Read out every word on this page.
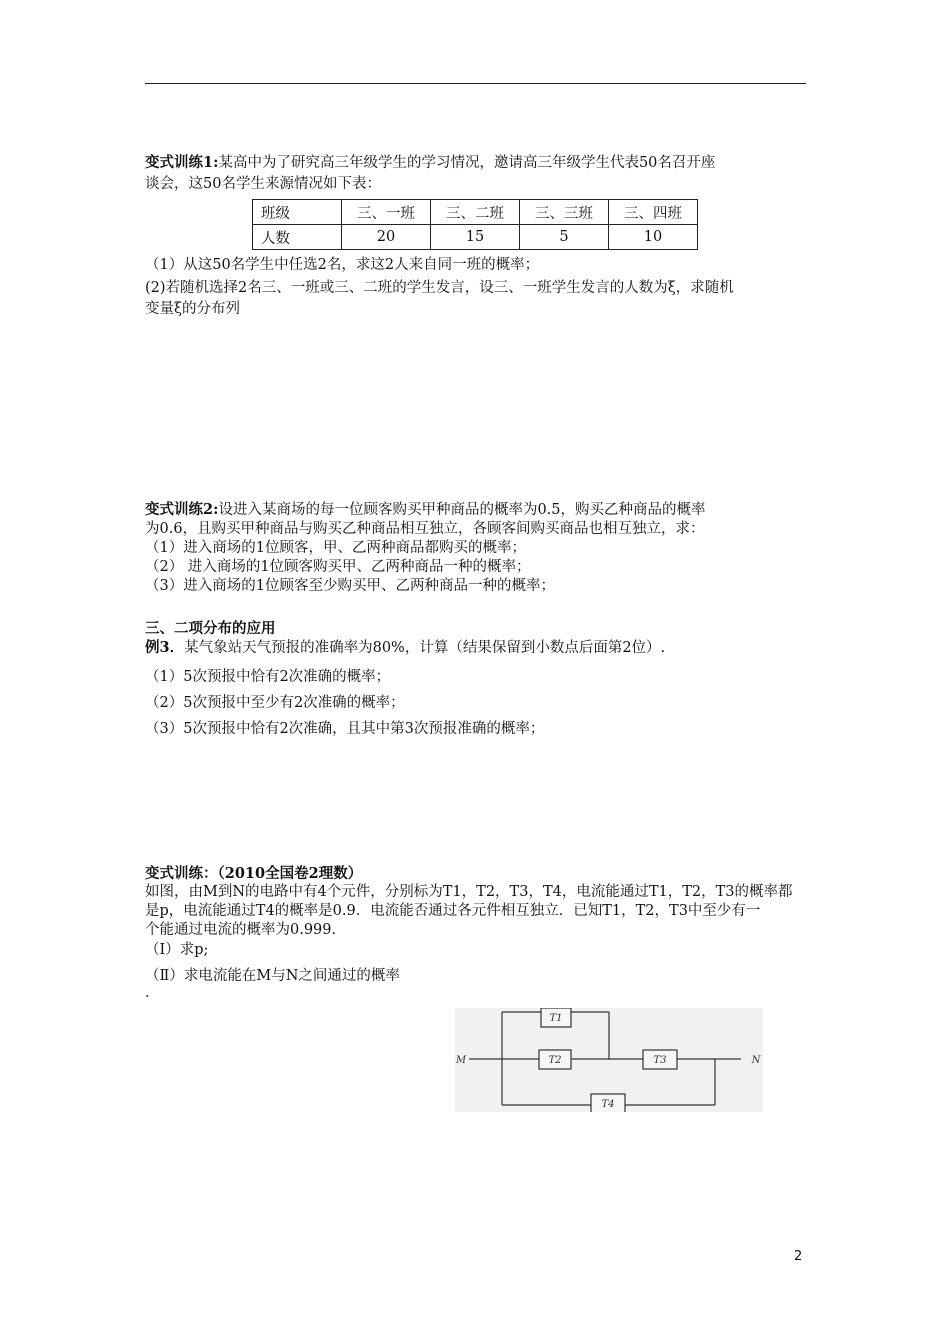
变式训练1:某高中为了研究高三年级学生的学习情况，邀请高三年级学生代表50名召开座
谈会，这50名学生来源情况如下表：
班级	三、一班	三、二班	三、三班	三、四班
人数	20	15	5	10
（1）从这50名学生中任选2名，求这2人来自同一班的概率；
(2)若随机选择2名三、一班或三、二班的学生发言，设三、一班学生发言的人数为ξ，求随机
变量ξ的分布列
变式训练2:设进入某商场的每一位顾客购买甲种商品的概率为0.5，购买乙种商品的概率
为0.6，且购买甲种商品与购买乙种商品相互独立，各顾客间购买商品也相互独立，求：
（1）进入商场的1位顾客，甲、乙两种商品都购买的概率；
（2） 进入商场的1位顾客购买甲、乙两种商品一种的概率；
（3）进入商场的1位顾客至少购买甲、乙两种商品一种的概率；
三、二项分布的应用
例3．某气象站天气预报的准确率为80%，计算（结果保留到小数点后面第2位）.
（1）5次预报中恰有2次准确的概率；
（2）5次预报中至少有2次准确的概率；
（3）5次预报中恰有2次准确，且其中第3次预报准确的概率；
变式训练：（2010全国卷2理数）
如图，由M到N的电路中有4个元件，分别标为T1，T2，T3，T4，电流能通过T1，T2，T3的概率都
是p，电流能通过T4的概率是0.9．电流能否通过各元件相互独立．已知T1，T2，T3中至少有一
个能通过电流的概率为0.999.
（Ⅰ）求p;
（Ⅱ）求电流能在M与N之间通过的概率
.
M	N
T1
T2	T3
T4
2
